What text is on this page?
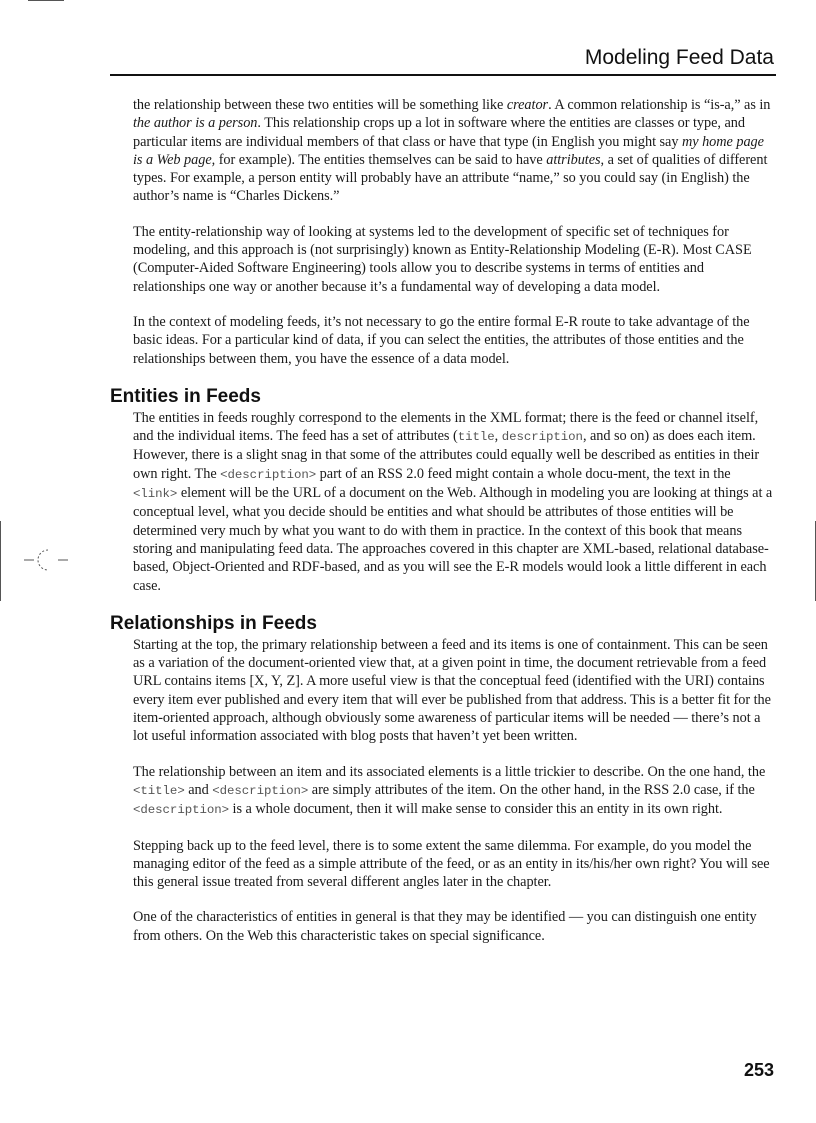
Modeling Feed Data

the relationship between these two entities will be something like creator. A common relationship is “is-a,” as in the author is a person. This relationship crops up a lot in software where the entities are classes or type, and particular items are individual members of that class or have that type (in English you might say my home page is a Web page, for example). The entities themselves can be said to have attributes, a set of qualities of different types. For example, a person entity will probably have an attribute “name,” so you could say (in English) the author’s name is “Charles Dickens.”

The entity-relationship way of looking at systems led to the development of specific set of techniques for modeling, and this approach is (not surprisingly) known as Entity-Relationship Modeling (E-R). Most CASE (Computer-Aided Software Engineering) tools allow you to describe systems in terms of entities and relationships one way or another because it’s a fundamental way of developing a data model.

In the context of modeling feeds, it’s not necessary to go the entire formal E-R route to take advantage of the basic ideas. For a particular kind of data, if you can select the entities, the attributes of those entities and the relationships between them, you have the essence of a data model.

Entities in Feeds

The entities in feeds roughly correspond to the elements in the XML format; there is the feed or channel itself, and the individual items. The feed has a set of attributes (title, description, and so on) as does each item. However, there is a slight snag in that some of the attributes could equally well be described as entities in their own right. The <description> part of an RSS 2.0 feed might contain a whole docu-ment, the text in the <link> element will be the URL of a document on the Web. Although in modeling you are looking at things at a conceptual level, what you decide should be entities and what should be attributes of those entities will be determined very much by what you want to do with them in practice. In the context of this book that means storing and manipulating feed data. The approaches covered in this chapter are XML-based, relational database-based, Object-Oriented and RDF-based, and as you will see the E-R models would look a little different in each case.

Relationships in Feeds

Starting at the top, the primary relationship between a feed and its items is one of containment. This can be seen as a variation of the document-oriented view that, at a given point in time, the document retrievable from a feed URL contains items [X, Y, Z]. A more useful view is that the conceptual feed (identified with the URI) contains every item ever published and every item that will ever be published from that address. This is a better fit for the item-oriented approach, although obviously some awareness of particular items will be needed — there’s not a lot useful information associated with blog posts that haven’t yet been written.

The relationship between an item and its associated elements is a little trickier to describe. On the one hand, the <title> and <description> are simply attributes of the item. On the other hand, in the RSS 2.0 case, if the <description> is a whole document, then it will make sense to consider this an entity in its own right.

Stepping back up to the feed level, there is to some extent the same dilemma. For example, do you model the managing editor of the feed as a simple attribute of the feed, or as an entity in its/his/her own right? You will see this general issue treated from several different angles later in the chapter.

One of the characteristics of entities in general is that they may be identified — you can distinguish one entity from others. On the Web this characteristic takes on special significance.

253
